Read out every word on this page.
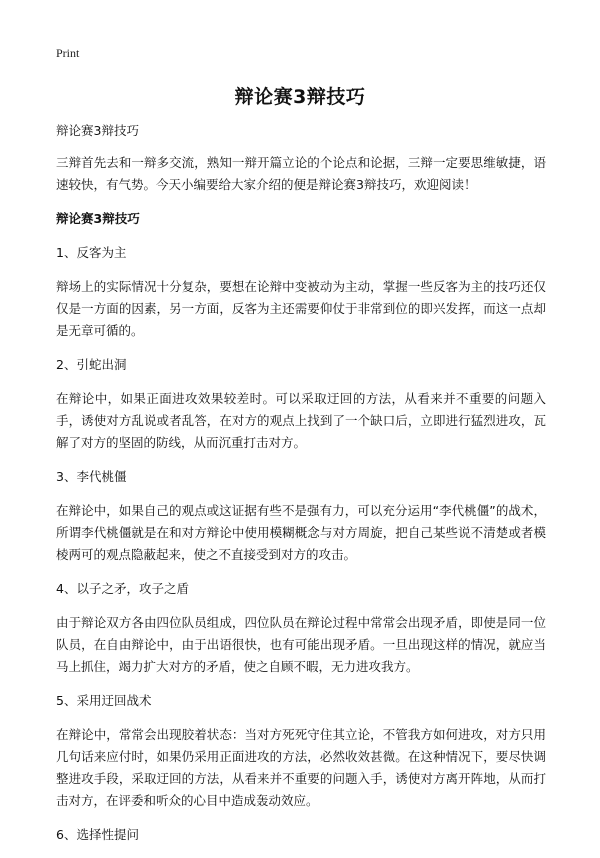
Print
辩论赛3辩技巧

辩论赛3辩技巧

三辩首先去和一辩多交流，熟知一辩开篇立论的个论点和论据，三辩一定要思维敏捷，语速较快，有气势。今天小编要给大家介绍的便是辩论赛3辩技巧，欢迎阅读！

辩论赛3辩技巧

1、反客为主

辩场上的实际情况十分复杂，要想在论辩中变被动为主动，掌握一些反客为主的技巧还仅仅是一方面的因素，另一方面，反客为主还需要仰仗于非常到位的即兴发挥，而这一点却是无章可循的。

2、引蛇出洞

在辩论中，如果正面进攻效果较差时。可以采取迂回的方法，从看来并不重要的问题入手，诱使对方乱说或者乱答，在对方的观点上找到了一个缺口后，立即进行猛烈进攻，瓦解了对方的坚固的防线，从而沉重打击对方。

3、李代桃僵

在辩论中，如果自己的观点或这证据有些不是强有力，可以充分运用“李代桃僵”的战术，所谓李代桃僵就是在和对方辩论中使用模糊概念与对方周旋，把自己某些说不清楚或者模棱两可的观点隐蔽起来，使之不直接受到对方的攻击。

4、以子之矛，攻子之盾

由于辩论双方各由四位队员组成，四位队员在辩论过程中常常会出现矛盾，即使是同一位队员，在自由辩论中，由于出语很快，也有可能出现矛盾。一旦出现这样的情况，就应当马上抓住，竭力扩大对方的矛盾，使之自顾不暇，无力进攻我方。

5、采用迂回战术

在辩论中，常常会出现胶着状态：当对方死死守住其立论，不管我方如何进攻，对方只用几句话来应付时，如果仍采用正面进攻的方法，必然收效甚微。在这种情况下，要尽快调整进攻手段，采取迂回的方法，从看来并不重要的问题入手，诱使对方离开阵地，从而打击对方，在评委和听众的心目中造成轰动效应。

6、选择性提问
